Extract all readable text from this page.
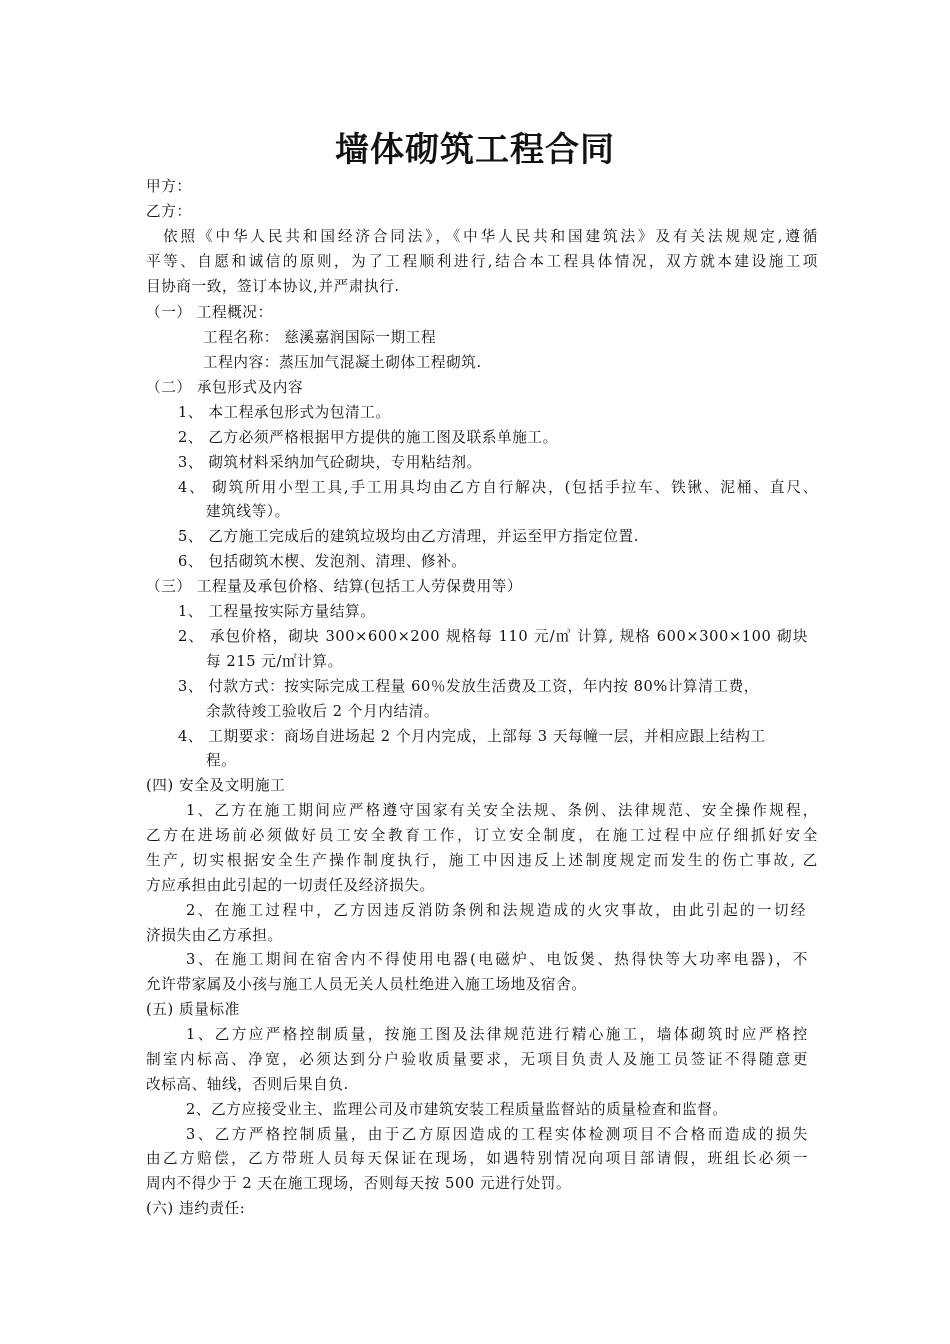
墙体砌筑工程合同
甲方：
乙方：
依照《中华人民共和国经济合同法》，《中华人民共和国建筑法》及有关法规规定,遵循
平等、自愿和诚信的原则，为了工程顺利进行,结合本工程具体情况，双方就本建设施工项
目协商一致，签订本协议,并严肃执行.
（一） 工程概况：
工程名称： 慈溪嘉润国际一期工程
工程内容：蒸压加气混凝土砌体工程砌筑.
（二） 承包形式及内容
1、 本工程承包形式为包清工。
2、 乙方必须严格根据甲方提供的施工图及联系单施工。
3、 砌筑材料采纳加气砼砌块，专用粘结剂。
4、 砌筑所用小型工具,手工用具均由乙方自行解决，(包括手拉车、铁锹、泥桶、直尺、
建筑线等）。
5、 乙方施工完成后的建筑垃圾均由乙方清理，并运至甲方指定位置.
6、 包括砌筑木楔、发泡剂、清理、修补。
（三） 工程量及承包价格、结算(包括工人劳保费用等）
1、 工程量按实际方量结算。
2、 承包价格，砌块 300×600×200 规格每 110 元/㎥ 计算, 规格 600×300×100 砌块
每 215 元/㎡计算。
3、 付款方式：按实际完成工程量 60％发放生活费及工资，年内按 80%计算清工费，
余款待竣工验收后 2 个月内结清。
4、 工期要求：商场自进场起 2 个月内完成，上部每 3 天每幢一层，并相应跟上结构工
程。
(四) 安全及文明施工
1、乙方在施工期间应严格遵守国家有关安全法规、条例、法律规范、安全操作规程，
乙方在进场前必须做好员工安全教育工作，订立安全制度，在施工过程中应仔细抓好安全
生产, 切实根据安全生产操作制度执行，施工中因违反上述制度规定而发生的伤亡事故, 乙
方应承担由此引起的一切责任及经济损失。
2、在施工过程中，乙方因违反消防条例和法规造成的火灾事故，由此引起的一切经
济损失由乙方承担。
3、在施工期间在宿舍内不得使用电器(电磁炉、电饭煲、热得快等大功率电器)，不
允许带家属及小孩与施工人员无关人员杜绝进入施工场地及宿舍。
(五) 质量标准
1、乙方应严格控制质量，按施工图及法律规范进行精心施工，墙体砌筑时应严格控
制室内标高、净宽，必须达到分户验收质量要求，无项目负责人及施工员签证不得随意更
改标高、轴线，否则后果自负.
2、乙方应接受业主、监理公司及市建筑安装工程质量监督站的质量检查和监督。
3、乙方严格控制质量，由于乙方原因造成的工程实体检测项目不合格而造成的损失
由乙方赔偿，乙方带班人员每天保证在现场，如遇特别情况向项目部请假，班组长必须一
周内不得少于 2 天在施工现场，否则每天按 500 元进行处罚。
(六) 违约责任:
